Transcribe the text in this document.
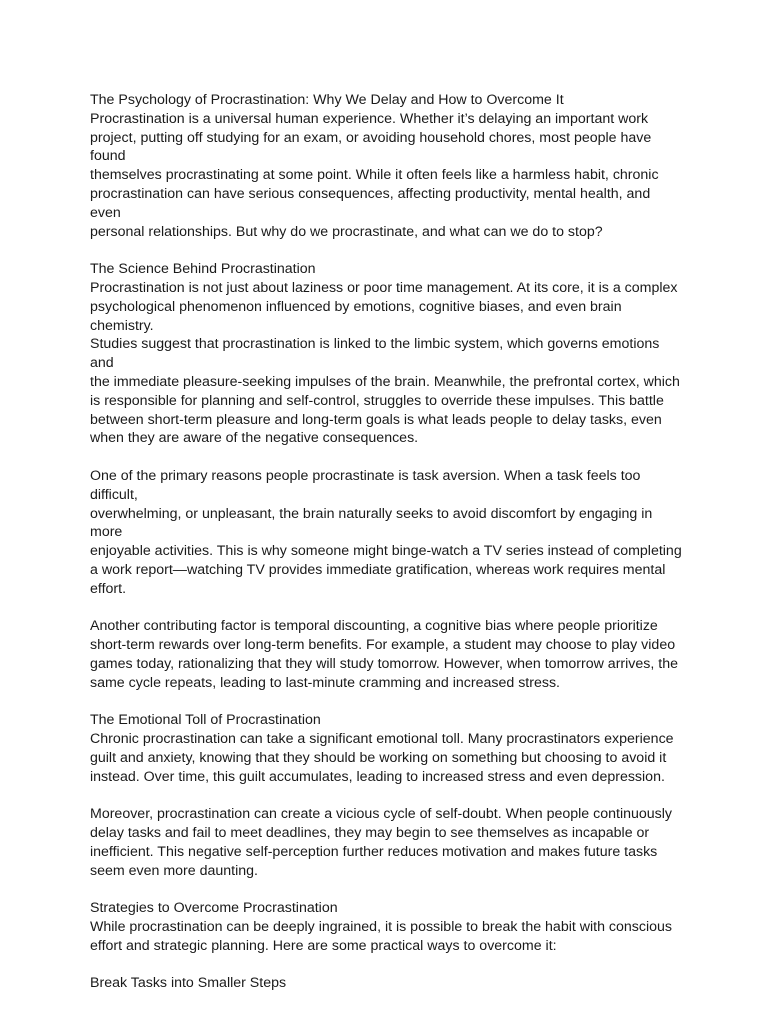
The Psychology of Procrastination: Why We Delay and How to Overcome It

Procrastination is a universal human experience. Whether it’s delaying an important work
project, putting off studying for an exam, or avoiding household chores, most people have found
themselves procrastinating at some point. While it often feels like a harmless habit, chronic
procrastination can have serious consequences, affecting productivity, mental health, and even
personal relationships. But why do we procrastinate, and what can we do to stop?

The Science Behind Procrastination

Procrastination is not just about laziness or poor time management. At its core, it is a complex
psychological phenomenon influenced by emotions, cognitive biases, and even brain chemistry.
Studies suggest that procrastination is linked to the limbic system, which governs emotions and
the immediate pleasure-seeking impulses of the brain. Meanwhile, the prefrontal cortex, which
is responsible for planning and self-control, struggles to override these impulses. This battle
between short-term pleasure and long-term goals is what leads people to delay tasks, even
when they are aware of the negative consequences.

One of the primary reasons people procrastinate is task aversion. When a task feels too difficult,
overwhelming, or unpleasant, the brain naturally seeks to avoid discomfort by engaging in more
enjoyable activities. This is why someone might binge-watch a TV series instead of completing
a work report—watching TV provides immediate gratification, whereas work requires mental
effort.

Another contributing factor is temporal discounting, a cognitive bias where people prioritize
short-term rewards over long-term benefits. For example, a student may choose to play video
games today, rationalizing that they will study tomorrow. However, when tomorrow arrives, the
same cycle repeats, leading to last-minute cramming and increased stress.

The Emotional Toll of Procrastination

Chronic procrastination can take a significant emotional toll. Many procrastinators experience
guilt and anxiety, knowing that they should be working on something but choosing to avoid it
instead. Over time, this guilt accumulates, leading to increased stress and even depression.

Moreover, procrastination can create a vicious cycle of self-doubt. When people continuously
delay tasks and fail to meet deadlines, they may begin to see themselves as incapable or
inefficient. This negative self-perception further reduces motivation and makes future tasks
seem even more daunting.

Strategies to Overcome Procrastination

While procrastination can be deeply ingrained, it is possible to break the habit with conscious
effort and strategic planning. Here are some practical ways to overcome it:

Break Tasks into Smaller Steps
